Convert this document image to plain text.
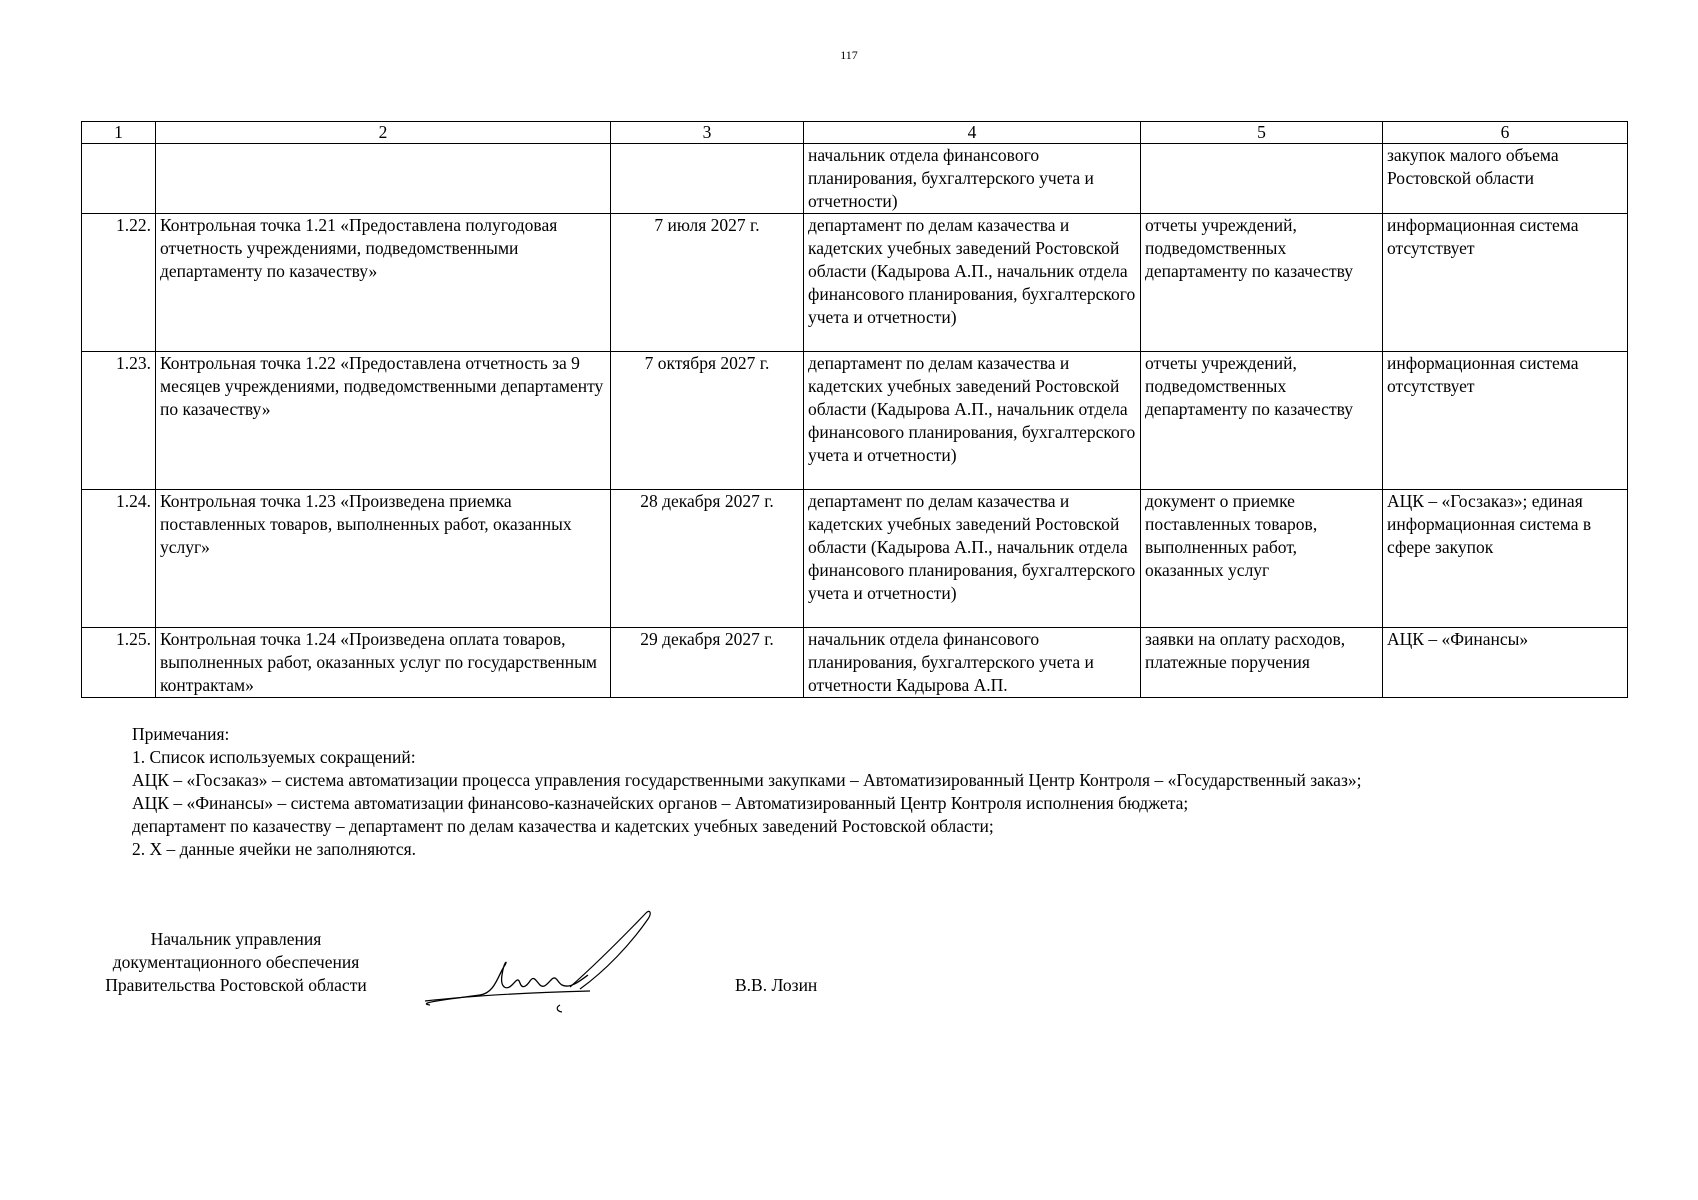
117
1	2	3	4	5	6
			начальник отдела финансового планирования, бухгалтерского учета и отчетности)		закупок малого объема Ростовской области
1.22.	Контрольная точка 1.21 «Предоставлена полугодовая отчетность учреждениями, подведомственными департаменту по казачеству»	7 июля 2027 г.	департамент по делам казачества и кадетских учебных заведений Ростовской области (Кадырова А.П., начальник отдела финансового планирования, бухгалтерского учета и отчетности)	отчеты учреждений, подведомственных департаменту по казачеству	информационная система отсутствует
1.23.	Контрольная точка 1.22 «Предоставлена отчетность за 9 месяцев учреждениями, подведомственными департаменту по казачеству»	7 октября 2027 г.	департамент по делам казачества и кадетских учебных заведений Ростовской области (Кадырова А.П., начальник отдела финансового планирования, бухгалтерского учета и отчетности)	отчеты учреждений, подведомственных департаменту по казачеству	информационная система отсутствует
1.24.	Контрольная точка 1.23 «Произведена приемка поставленных товаров, выполненных работ, оказанных услуг»	28 декабря 2027 г.	департамент по делам казачества и кадетских учебных заведений Ростовской области (Кадырова А.П., начальник отдела финансового планирования, бухгалтерского учета и отчетности)	документ о приемке поставленных товаров, выполненных работ, оказанных услуг	АЦК – «Госзаказ»; единая информационная система в сфере закупок
1.25.	Контрольная точка 1.24 «Произведена оплата товаров, выполненных работ, оказанных услуг по государственным контрактам»	29 декабря 2027 г.	начальник отдела финансового планирования, бухгалтерского учета и отчетности Кадырова А.П.	заявки на оплату расходов, платежные поручения	АЦК – «Финансы»
Примечания:
1. Список используемых сокращений:
АЦК – «Госзаказ» – система автоматизации процесса управления государственными закупками – Автоматизированный Центр Контроля – «Государственный заказ»;
АЦК – «Финансы» – система автоматизации финансово-казначейских органов – Автоматизированный Центр Контроля исполнения бюджета;
департамент по казачеству – департамент по делам казачества и кадетских учебных заведений Ростовской области;
2. Х – данные ячейки не заполняются.
Начальник управления
документационного обеспечения
Правительства Ростовской области	В.В. Лозин
